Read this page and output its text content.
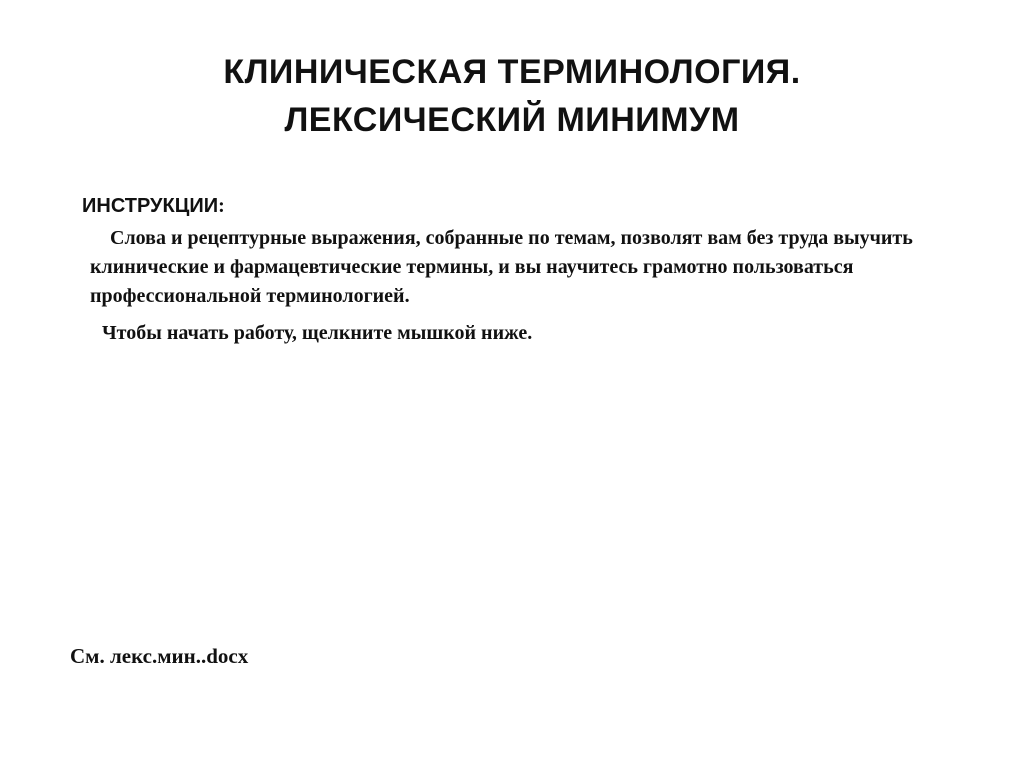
КЛИНИЧЕСКАЯ ТЕРМИНОЛОГИЯ.
ЛЕКСИЧЕСКИЙ МИНИМУМ

ИНСТРУКЦИИ:

Слова и рецептурные выражения, собранные по темам, позволят вам без труда выучить клинические и фармацевтические термины, и вы научитесь грамотно пользоваться профессиональной терминологией.

Чтобы начать работу, щелкните мышкой ниже.

См. лекс.мин..docx
